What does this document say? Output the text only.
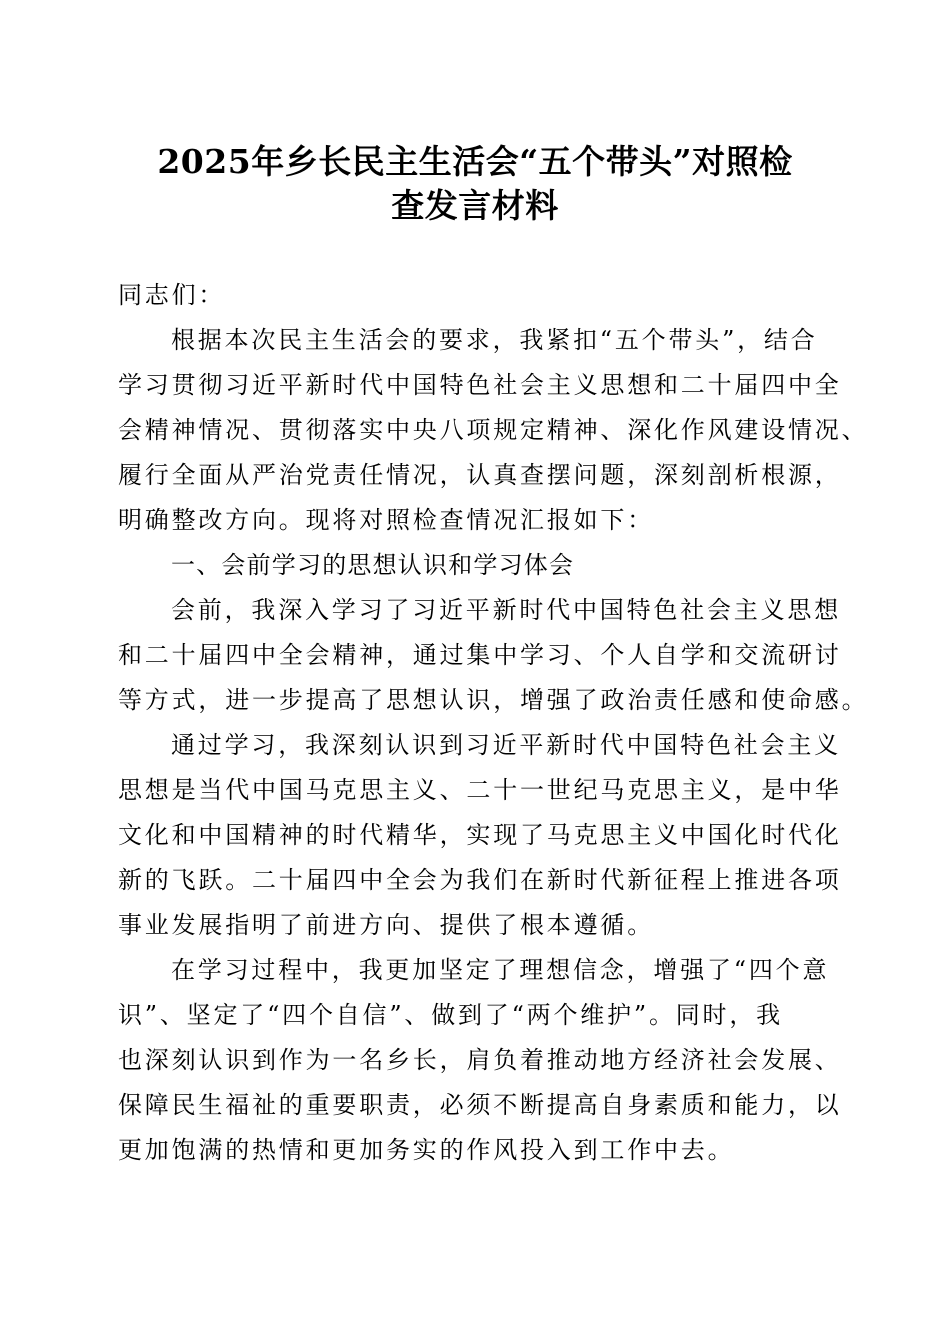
2025年乡长民主生活会“五个带头”对照检
查发言材料
同志们：
根据本次民主生活会的要求，我紧扣“五个带头”，结合
学习贯彻习近平新时代中国特色社会主义思想和二十届四中全
会精神情况、贯彻落实中央八项规定精神、深化作风建设情况、
履行全面从严治党责任情况，认真查摆问题，深刻剖析根源，
明确整改方向。现将对照检查情况汇报如下：
一、会前学习的思想认识和学习体会
会前，我深入学习了习近平新时代中国特色社会主义思想
和二十届四中全会精神，通过集中学习、个人自学和交流研讨
等方式，进一步提高了思想认识，增强了政治责任感和使命感。
通过学习，我深刻认识到习近平新时代中国特色社会主义
思想是当代中国马克思主义、二十一世纪马克思主义，是中华
文化和中国精神的时代精华，实现了马克思主义中国化时代化
新的飞跃。二十届四中全会为我们在新时代新征程上推进各项
事业发展指明了前进方向、提供了根本遵循。
在学习过程中，我更加坚定了理想信念，增强了“四个意
识”、坚定了“四个自信”、做到了“两个维护”。同时，我
也深刻认识到作为一名乡长，肩负着推动地方经济社会发展、
保障民生福祉的重要职责，必须不断提高自身素质和能力，以
更加饱满的热情和更加务实的作风投入到工作中去。
